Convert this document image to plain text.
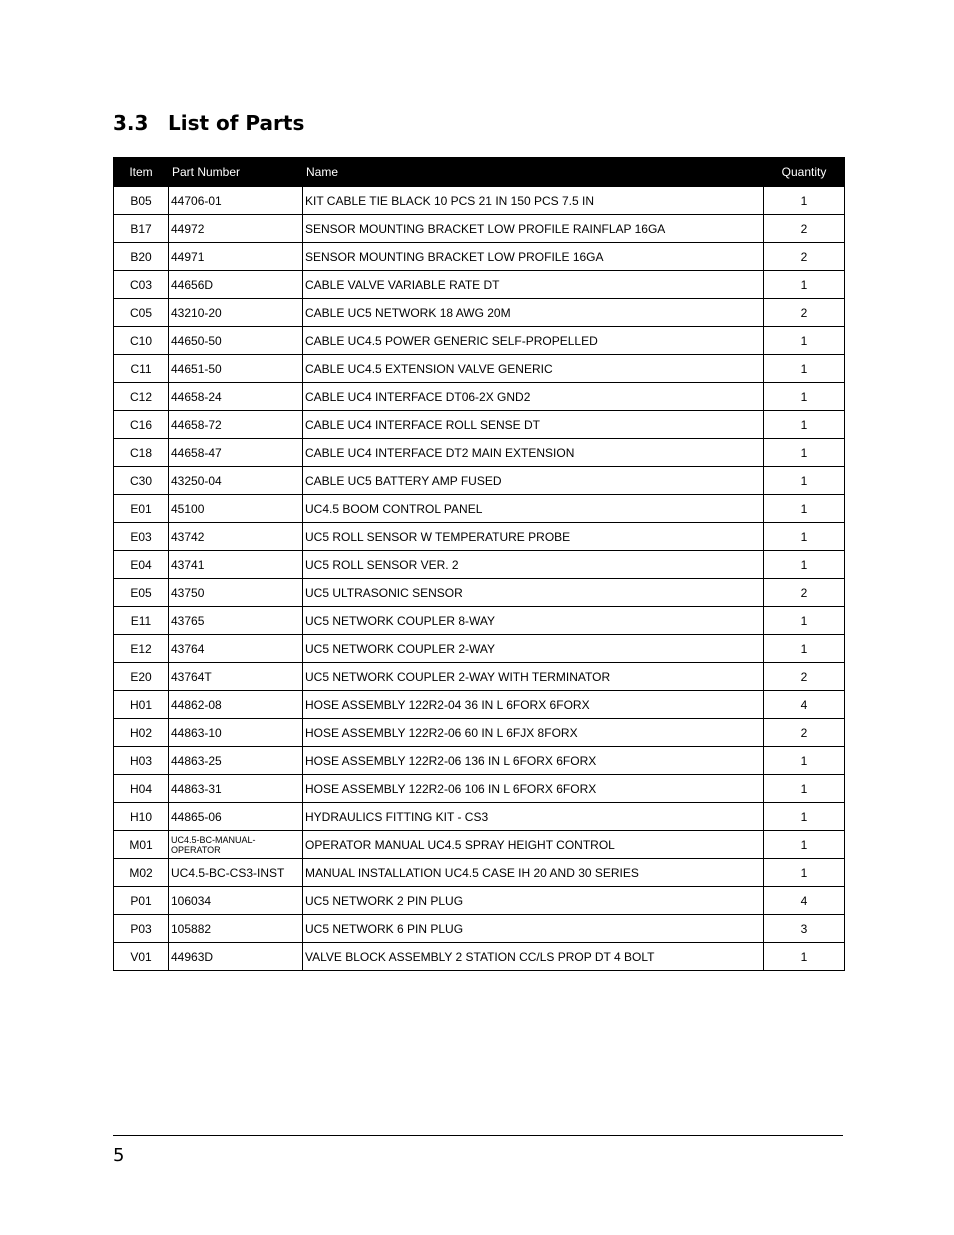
3.3 List of Parts
Item	Part Number	Name	Quantity
B05	44706-01	KIT CABLE TIE BLACK 10 PCS 21 IN 150 PCS 7.5 IN	1
B17	44972	SENSOR MOUNTING BRACKET LOW PROFILE RAINFLAP 16GA	2
B20	44971	SENSOR MOUNTING BRACKET LOW PROFILE 16GA	2
C03	44656D	CABLE VALVE VARIABLE RATE DT	1
C05	43210-20	CABLE UC5 NETWORK 18 AWG 20M	2
C10	44650-50	CABLE UC4.5 POWER GENERIC SELF-PROPELLED	1
C11	44651-50	CABLE UC4.5 EXTENSION VALVE GENERIC	1
C12	44658-24	CABLE UC4 INTERFACE DT06-2X GND2	1
C16	44658-72	CABLE UC4 INTERFACE ROLL SENSE DT	1
C18	44658-47	CABLE UC4 INTERFACE DT2 MAIN EXTENSION	1
C30	43250-04	CABLE UC5 BATTERY AMP FUSED	1
E01	45100	UC4.5 BOOM CONTROL PANEL	1
E03	43742	UC5 ROLL SENSOR W TEMPERATURE PROBE	1
E04	43741	UC5 ROLL SENSOR VER. 2	1
E05	43750	UC5 ULTRASONIC SENSOR	2
E11	43765	UC5 NETWORK COUPLER 8-WAY	1
E12	43764	UC5 NETWORK COUPLER 2-WAY	1
E20	43764T	UC5 NETWORK COUPLER 2-WAY WITH TERMINATOR	2
H01	44862-08	HOSE ASSEMBLY 122R2-04 36 IN L 6FORX 6FORX	4
H02	44863-10	HOSE ASSEMBLY 122R2-06 60 IN L 6FJX 8FORX	2
H03	44863-25	HOSE ASSEMBLY 122R2-06 136 IN L 6FORX 6FORX	1
H04	44863-31	HOSE ASSEMBLY 122R2-06 106 IN L 6FORX 6FORX	1
H10	44865-06	HYDRAULICS FITTING KIT - CS3	1
M01	UC4.5-BC-MANUAL-OPERATOR	OPERATOR MANUAL UC4.5 SPRAY HEIGHT CONTROL	1
M02	UC4.5-BC-CS3-INST	MANUAL INSTALLATION UC4.5 CASE IH 20 AND 30 SERIES	1
P01	106034	UC5 NETWORK 2 PIN PLUG	4
P03	105882	UC5 NETWORK 6 PIN PLUG	3
V01	44963D	VALVE BLOCK ASSEMBLY 2 STATION CC/LS PROP DT 4 BOLT	1
5
